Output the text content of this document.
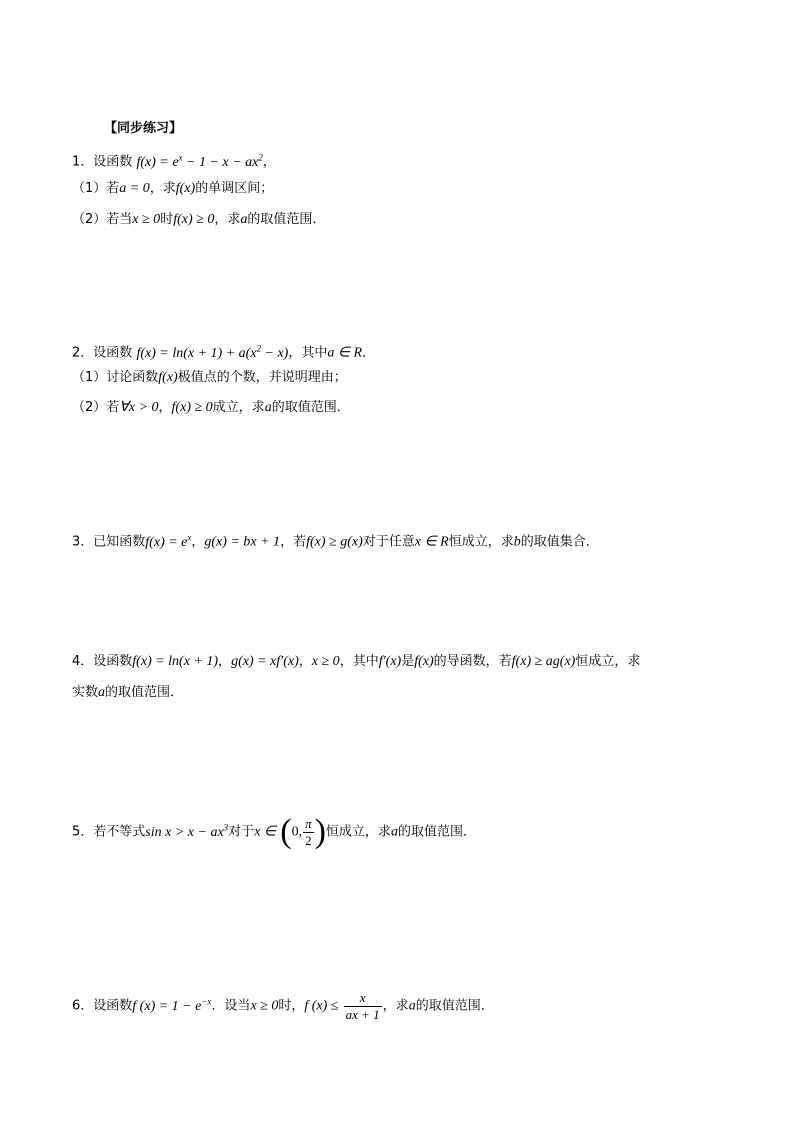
【同步练习】
1．设函数 $f(x) = e^x - 1 - x - ax^2$，
（1）若a = 0，求f(x)的单调区间；
（2）若当x ≥ 0时f(x) ≥ 0，求a的取值范围．
2．设函数 $f(x) = \ln(x + 1) + a(x^2 - x)$，其中a ∈ R．
（1）讨论函数f(x)极值点的个数，并说明理由；
（2）若∀x > 0，f(x) ≥ 0成立，求a的取值范围．
3．已知函数$f(x) = e^x$，g(x) = bx + 1，若f(x) ≥ g(x)对于任意x ∈ R恒成立，求b的取值集合．
4．设函数f(x) = ln(x + 1)，g(x) = xf′(x)，x ≥ 0，其中f′(x)是f(x)的导函数，若f(x) ≥ ag(x)恒成立，求
实数a的取值范围．
5．若不等式$\sin x > x - ax^3$对于x ∈ (0, $\frac{\pi}{2}$ )恒成立，求a的取值范围．
6．设函数f $(x) = 1 - e^{-x}$．设当x ≥ 0时，f $(x) \le \frac{x}{ax + 1}$ ，求a的取值范围．
